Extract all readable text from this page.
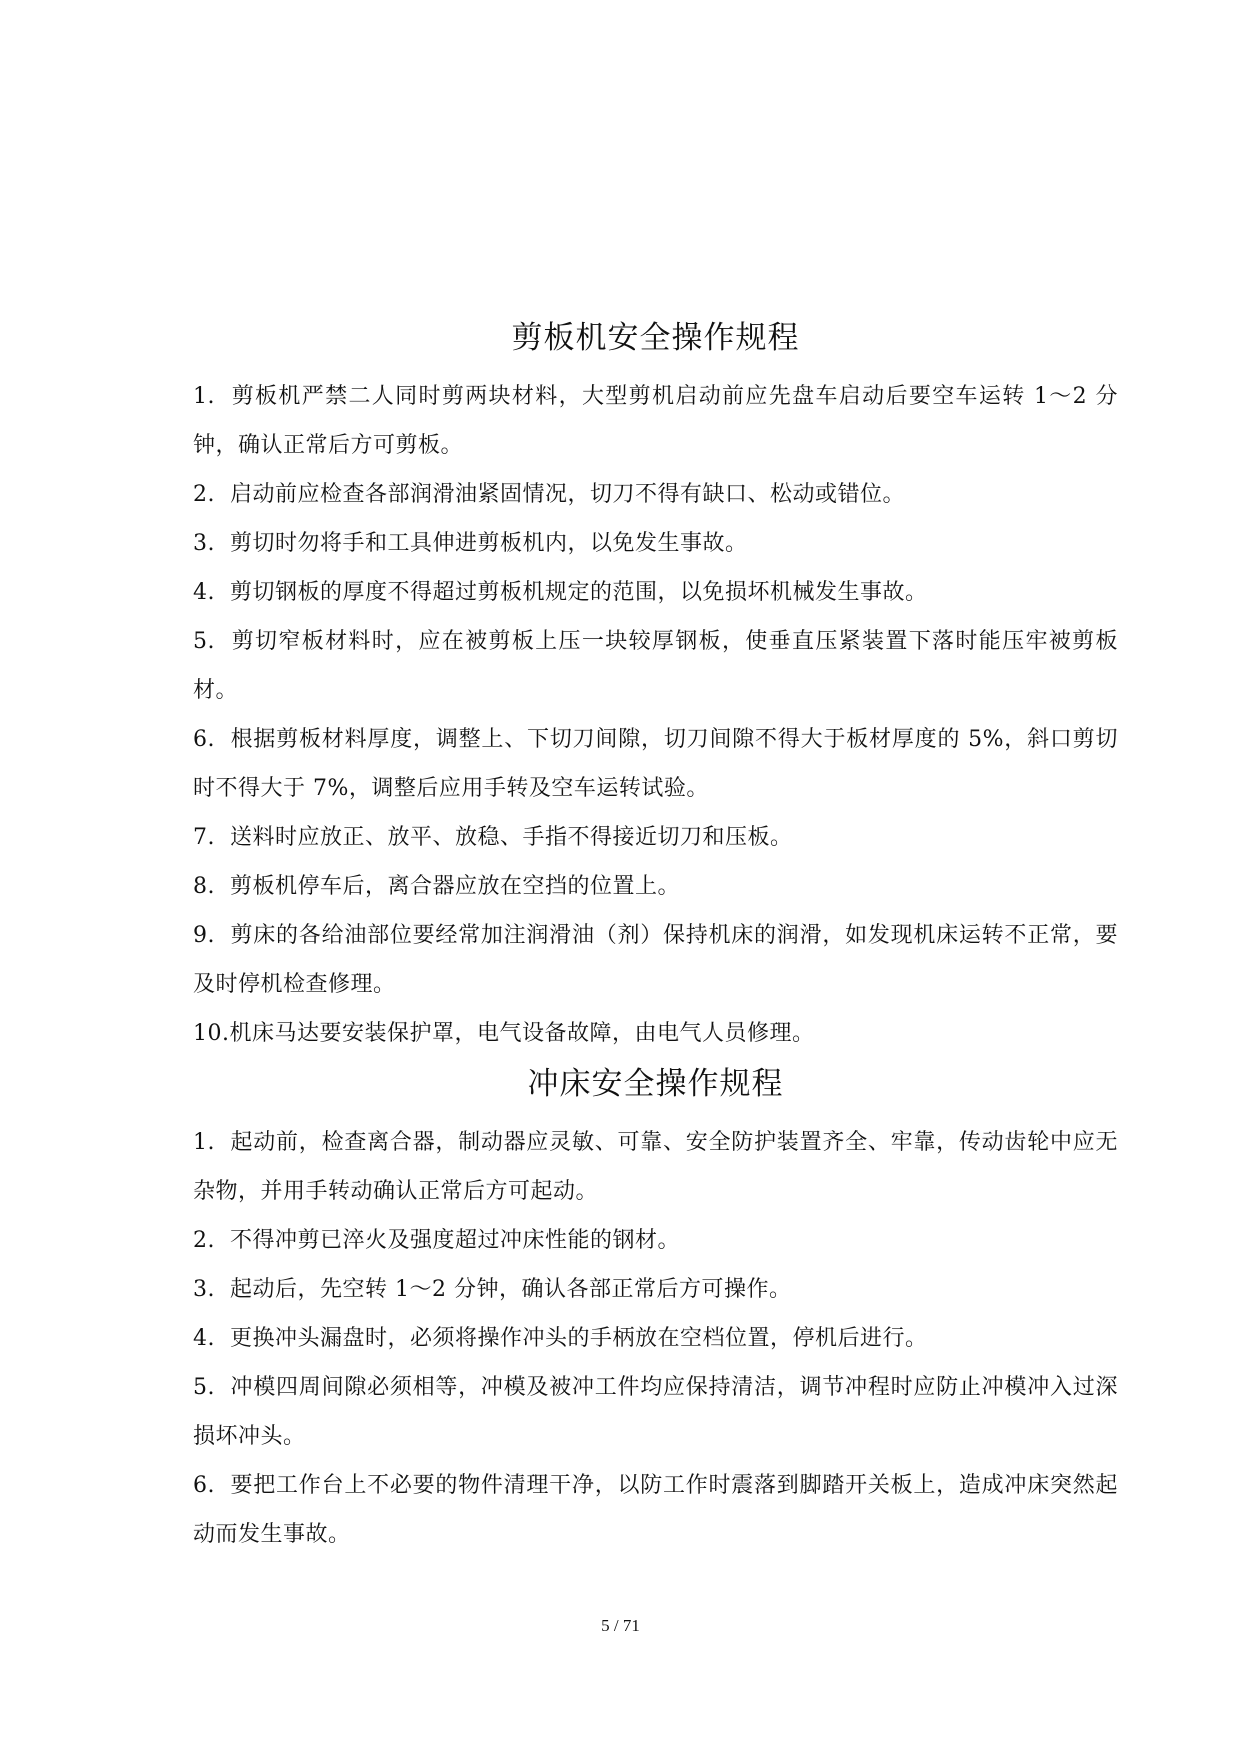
剪板机安全操作规程

1. 剪板机严禁二人同时剪两块材料，大型剪机启动前应先盘车启动后要空车运转 1～2 分钟，确认正常后方可剪板。

2. 启动前应检查各部润滑油紧固情况，切刀不得有缺口、松动或错位。

3. 剪切时勿将手和工具伸进剪板机内，以免发生事故。

4. 剪切钢板的厚度不得超过剪板机规定的范围，以免损坏机械发生事故。

5. 剪切窄板材料时，应在被剪板上压一块较厚钢板，使垂直压紧装置下落时能压牢被剪板材。

6. 根据剪板材料厚度，调整上、下切刀间隙，切刀间隙不得大于板材厚度的 5%，斜口剪切时不得大于 7%，调整后应用手转及空车运转试验。

7. 送料时应放正、放平、放稳、手指不得接近切刀和压板。

8. 剪板机停车后，离合器应放在空挡的位置上。

9. 剪床的各给油部位要经常加注润滑油（剂）保持机床的润滑，如发现机床运转不正常，要及时停机检查修理。

10.机床马达要安装保护罩，电气设备故障，由电气人员修理。

冲床安全操作规程

1. 起动前，检查离合器，制动器应灵敏、可靠、安全防护装置齐全、牢靠，传动齿轮中应无杂物，并用手转动确认正常后方可起动。

2. 不得冲剪已淬火及强度超过冲床性能的钢材。

3. 起动后，先空转 1～2 分钟，确认各部正常后方可操作。

4. 更换冲头漏盘时，必须将操作冲头的手柄放在空档位置，停机后进行。

5. 冲模四周间隙必须相等，冲模及被冲工件均应保持清洁，调节冲程时应防止冲模冲入过深损坏冲头。

6. 要把工作台上不必要的物件清理干净，以防工作时震落到脚踏开关板上，造成冲床突然起动而发生事故。

5 / 71
